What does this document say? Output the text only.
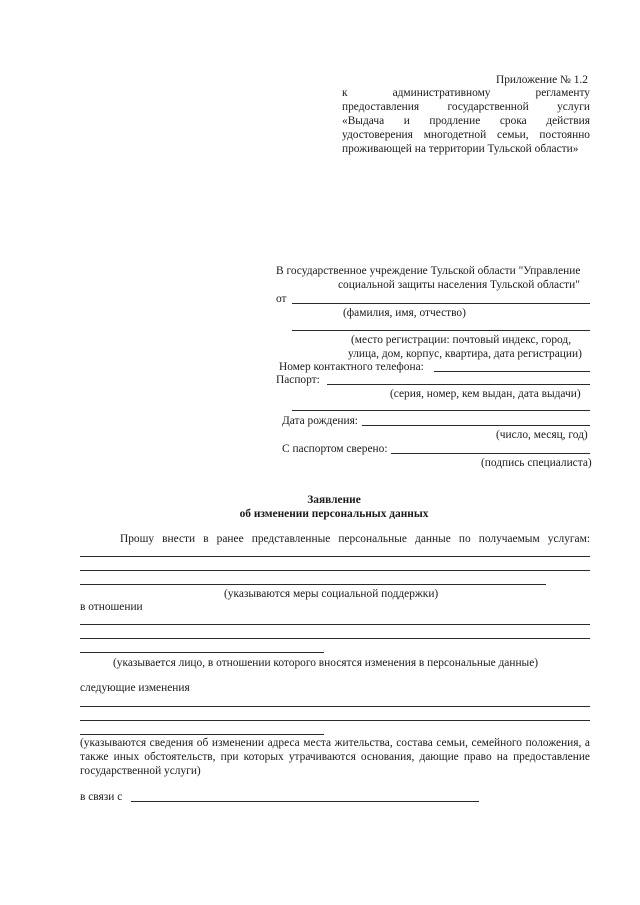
Приложение № 1.2
к административному регламенту
предоставления государственной услуги
«Выдача и продление срока действия
удостоверения многодетной семьи, постоянно
проживающей на территории Тульской области»
В государственное учреждение Тульской области "Управление
социальной защиты населения Тульской области"
от
(фамилия, имя, отчество)
(место регистрации: почтовый индекс, город,
улица, дом, корпус, квартира, дата регистрации)
Номер контактного телефона:
Паспорт:
(серия, номер, кем выдан, дата выдачи)
Дата рождения:
(число, месяц, год)
С паспортом сверено:
(подпись специалиста)
Заявление
об изменении персональных данных
Прошу внести в ранее представленные персональные данные по получаемым услугам:
(указываются меры социальной поддержки)
в отношении
(указывается лицо, в отношении которого вносятся изменения в персональные данные)
следующие изменения
(указываются сведения об изменении адреса места жительства, состава семьи, семейного положения, а также иных обстоятельств, при которых утрачиваются основания, дающие право на предоставление государственной услуги)
в связи с
